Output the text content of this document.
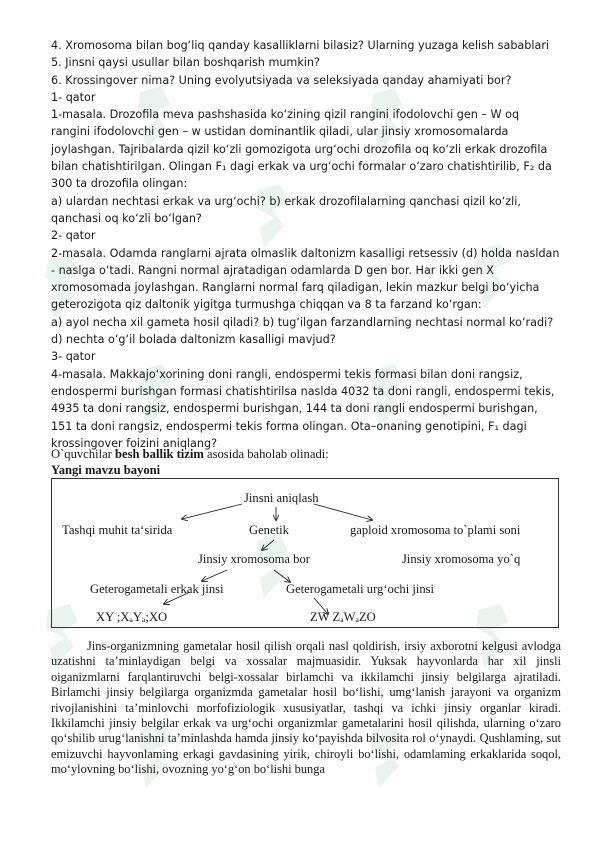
4. Xromosoma bilan bog‘liq qanday kasalliklarni bilasiz? Ularning yuzaga kelish sabablari

5. Jinsni qaysi usullar bilan boshqarish mumkin?

6. Krossingover nima? Uning evolyutsiyada va seleksiyada qanday ahamiyati bor?

1- qator

1-masala. Drozofila meva pashshasida ko‘zining qizil rangini ifodolovchi gen – W oq rangini ifodolovchi gen – w ustidan dominantlik qiladi, ular jinsiy xromosomalarda joylashgan. Tajribalarda qizil ko‘zli gomozigota urg‘ochi drozofila oq ko‘zli erkak drozofila bilan chatishtirilgan. Olingan F₁ dagi erkak va urg‘ochi formalar o‘zaro chatishtirilib, F₂ da 300 ta drozofila olingan:

a) ulardan nechtasi erkak va urg‘ochi? b) erkak drozofilalarning qanchasi qizil ko‘zli, qanchasi oq ko‘zli bo‘lgan?

2- qator

2-masala. Odamda ranglarni ajrata olmaslik daltonizm kasalligi retsessiv (d) holda nasldan - naslga o‘tadi. Rangni normal ajratadigan odamlarda D gen bor. Har ikki gen X xromosomada joylashgan. Ranglarni normal farq qiladigan, lekin mazkur belgi bo‘yicha geterozigota qiz daltonik yigitga turmushga chiqqan va 8 ta farzand ko‘rgan:

a) ayol necha xil gameta hosil qiladi? b) tug‘ilgan farzandlarning nechtasi normal ko‘radi? d) nechta o‘g‘il bolada daltonizm kasalligi mavjud?

3- qator

4-masala. Makkajo‘xorining doni rangli, endospermi tekis formasi bilan doni rangsiz, endospermi burishgan formasi chatishtirilsa naslda 4032 ta doni rangli, endospermi tekis, 4935 ta doni rangsiz, endospermi burishgan, 144 ta doni rangli endospermi burishgan, 151 ta doni rangsiz, endospermi tekis forma olingan. Ota–onaning genotipini, F₁ dagi krossingover foizini aniqlang?

O`quvchilar besh ballik tizim asosida baholab olinadi:

Yangi mavzu bayoni

Jinsni aniqlash
Tashqi muhit ta‘sirida	Genetik	gaploid xromosoma to`plami soni
Jinsiy xromosoma bor	Jinsiy xromosoma yo`q
Geterogametali erkak jinsi	Geterogametali urg‘ochi jinsi
XY ;XₐYₐ;XO	ZW ZₐWₐZO

Jins-organizmning gametalar hosil qilish orqali nasl qoldirish, irsiy axborotni kelgusi avlodga uzatishni ta’minlaydigan belgi va xossalar majmuasidir. Yuksak hayvonlarda har xil jinsli oiganizmlarni farqlantiruvchi belgi-xossalar birlamchi va ikkilamchi jinsiy belgilarga ajratiladi. Birlamchi jinsiy belgilarga organizmda gametalar hosil bo‘lishi, umg‘lanish jarayoni va organizm rivojlanishini ta’minlovchi morfofiziologik xususiyatlar, tashqi va ichki jinsiy organlar kiradi. Ikkilamchi jinsiy belgilar erkak va urg‘ochi organizmlar gametalarini hosil qilishda, ularning o‘zaro qo‘shilib urug‘lanishni ta’minlashda hamda jinsiy ko‘payishda bilvosita rol o‘ynaydi. Qushlaming, sut emizuvchi hayvonlaming erkagi gavdasining yirik, chiroyli bo‘lishi, odamlaming erkaklarida soqol, mo‘ylovning bo‘lishi, ovozning yo‘g‘on bo‘lishi bunga
